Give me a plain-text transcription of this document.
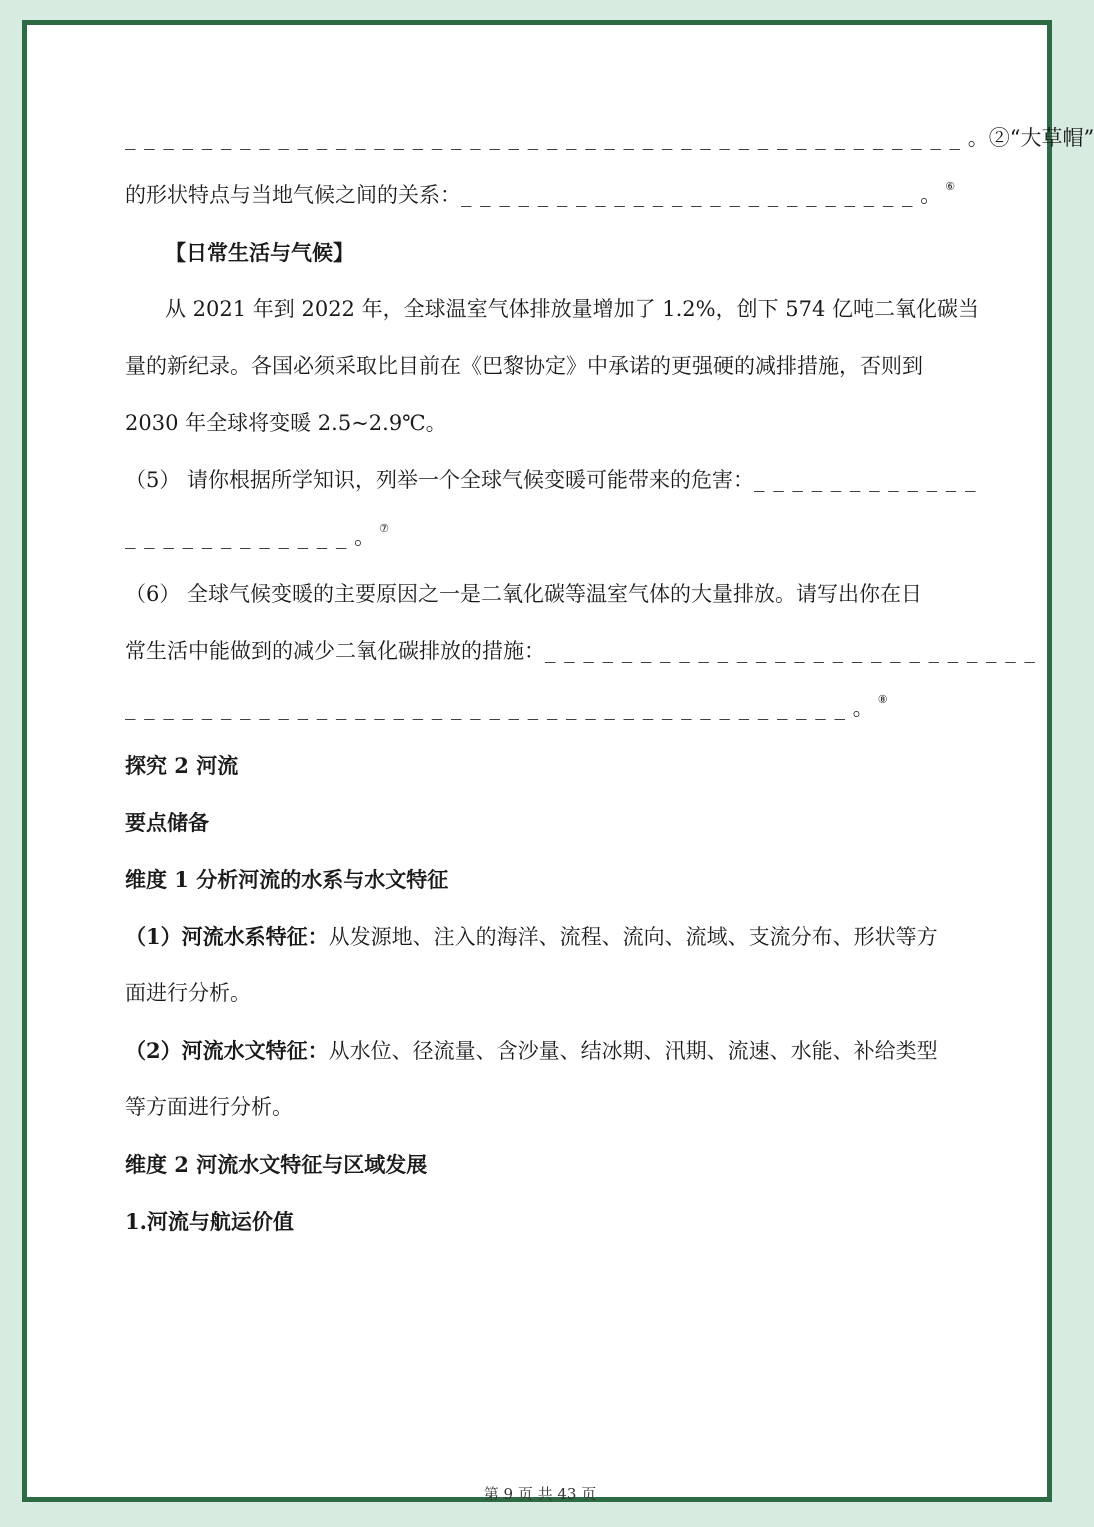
_ _ _ _ _ _ _ _ _ _ _ _ _ _ _ _ _ _ _ _ _ _ _ _ _ _ _ _ _ _ _ _ _ _ _ _ _ _ _ _ _ _ _ _ 。②“大草帽”
的形状特点与当地气候之间的关系：_ _ _ _ _ _ _ _ _ _ _ _ _ _ _ _ _ _ _ _ _ _ _ _ 。 ⑥
【日常生活与气候】
从 2021 年到 2022 年，全球温室气体排放量增加了 1.2%，创下 574 亿吨二氧化碳当
量的新纪录。各国必须采取比目前在《巴黎协定》中承诺的更强硬的减排措施，否则到
2030 年全球将变暖 2.5~2.9℃。
（5） 请你根据所学知识，列举一个全球气候变暖可能带来的危害：_ _ _ _ _ _ _ _ _ _ _ _
_ _ _ _ _ _ _ _ _ _ _ _ 。 ⑦
（6） 全球气候变暖的主要原因之一是二氧化碳等温室气体的大量排放。请写出你在日
常生活中能做到的减少二氧化碳排放的措施：_ _ _ _ _ _ _ _ _ _ _ _ _ _ _ _ _ _ _ _ _ _ _ _ _ _
_ _ _ _ _ _ _ _ _ _ _ _ _ _ _ _ _ _ _ _ _ _ _ _ _ _ _ _ _ _ _ _ _ _ _ _ _ _ 。 ⑧
探究 2 河流
要点储备
维度 1 分析河流的水系与水文特征
（1）河流水系特征：从发源地、注入的海洋、流程、流向、流域、支流分布、形状等方
面进行分析。
（2）河流水文特征：从水位、径流量、含沙量、结冰期、汛期、流速、水能、补给类型
等方面进行分析。
维度 2 河流水文特征与区域发展
1.河流与航运价值
第 9 页 共 43 页
